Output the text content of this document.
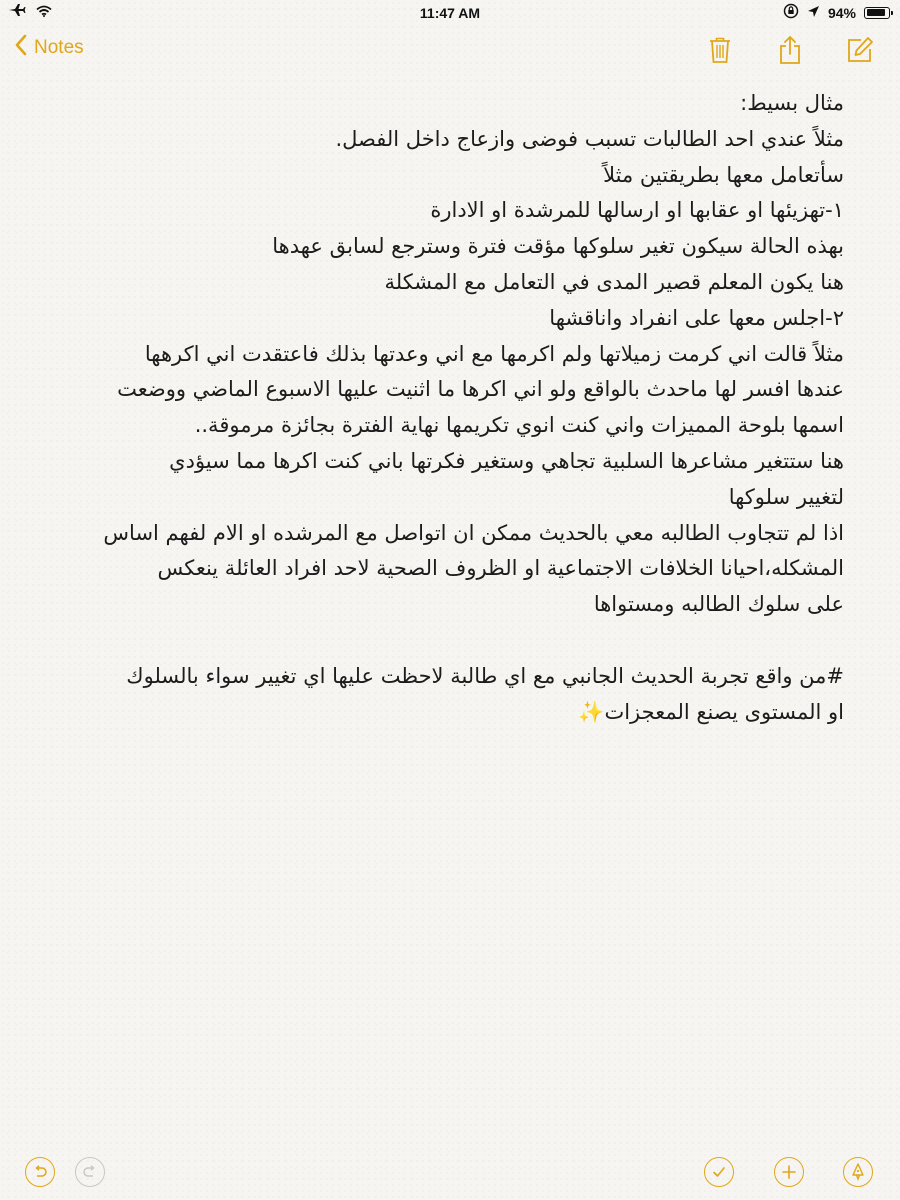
11:47 AM	94%
Notes
مثال بسيط:
مثلاً عندي احد الطالبات تسبب فوضى وازعاج داخل الفصل.
سأتعامل معها بطريقتين مثلاً
١-تهزيئها او عقابها او ارسالها للمرشدة او الادارة
بهذه الحالة سيكون تغير سلوكها مؤقت فترة وسترجع لسابق عهدها
هنا يكون المعلم قصير المدى في التعامل مع المشكلة
٢-اجلس معها على انفراد واناقشها
مثلاً قالت اني كرمت زميلاتها ولم اكرمها مع اني وعدتها بذلك فاعتقدت اني اكرهها
عندها افسر لها ماحدث بالواقع ولو اني اكرها ما اثنيت عليها الاسبوع الماضي ووضعت
اسمها بلوحة المميزات واني كنت انوي تكريمها نهاية الفترة بجائزة مرموقة..
هنا ستتغير مشاعرها السلبية تجاهي وستغير فكرتها باني كنت اكرها مما سيؤدي
لتغيير سلوكها
اذا لم تتجاوب الطالبه معي بالحديث ممكن ان اتواصل مع المرشده او الام لفهم اساس
المشكله،احيانا الخلافات الاجتماعية او الظروف الصحية لاحد افراد العائلة ينعكس
على سلوك الطالبه ومستواها
#من واقع تجربة الحديث الجانبي مع اي طالبة لاحظت عليها اي تغيير سواء بالسلوك
او المستوى يصنع المعجزات✨
